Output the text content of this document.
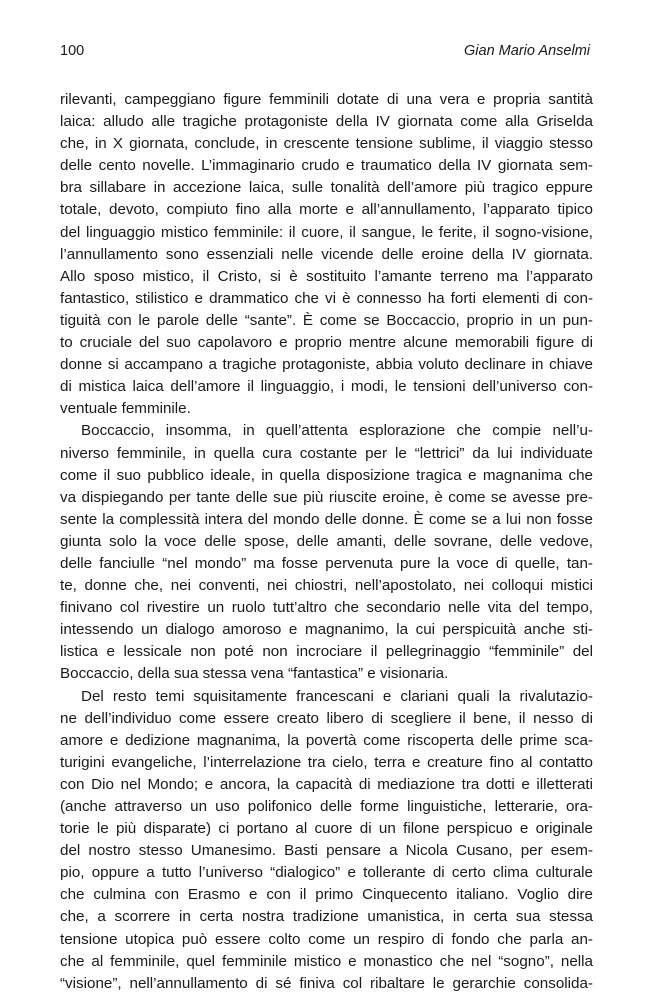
100	Gian Mario Anselmi
rilevanti, campeggiano figure femminili dotate di una vera e propria santità
laica: alludo alle tragiche protagoniste della IV giornata come alla Griselda
che, in X giornata, conclude, in crescente tensione sublime, il viaggio stesso
delle cento novelle. L’immaginario crudo e traumatico della IV giornata sem-
bra sillabare in accezione laica, sulle tonalità dell’amore più tragico eppure
totale, devoto, compiuto fino alla morte e all’annullamento, l’apparato tipico
del linguaggio mistico femminile: il cuore, il sangue, le ferite, il sogno-visione,
l’annullamento sono essenziali nelle vicende delle eroine della IV giornata.
Allo sposo mistico, il Cristo, si è sostituito l’amante terreno ma l’apparato
fantastico, stilistico e drammatico che vi è connesso ha forti elementi di con-
tiguità con le parole delle “sante”. È come se Boccaccio, proprio in un pun-
to cruciale del suo capolavoro e proprio mentre alcune memorabili figure di
donne si accampano a tragiche protagoniste, abbia voluto declinare in chiave
di mistica laica dell’amore il linguaggio, i modi, le tensioni dell’universo con-
ventuale femminile.
Boccaccio, insomma, in quell’attenta esplorazione che compie nell’u-
niverso femminile, in quella cura costante per le “lettrici” da lui individuate
come il suo pubblico ideale, in quella disposizione tragica e magnanima che
va dispiegando per tante delle sue più riuscite eroine, è come se avesse pre-
sente la complessità intera del mondo delle donne. È come se a lui non fosse
giunta solo la voce delle spose, delle amanti, delle sovrane, delle vedove,
delle fanciulle “nel mondo” ma fosse pervenuta pure la voce di quelle, tan-
te, donne che, nei conventi, nei chiostri, nell’apostolato, nei colloqui mistici
finivano col rivestire un ruolo tutt’altro che secondario nelle vita del tempo,
intessendo un dialogo amoroso e magnanimo, la cui perspicuità anche sti-
listica e lessicale non poté non incrociare il pellegrinaggio “femminile” del
Boccaccio, della sua stessa vena “fantastica” e visionaria.
Del resto temi squisitamente francescani e clariani quali la rivalutazio-
ne dell’individuo come essere creato libero di scegliere il bene, il nesso di
amore e dedizione magnanima, la povertà come riscoperta delle prime sca-
turigini evangeliche, l’interrelazione tra cielo, terra e creature fino al contatto
con Dio nel Mondo; e ancora, la capacità di mediazione tra dotti e illetterati
(anche attraverso un uso polifonico delle forme linguistiche, letterarie, ora-
torie le più disparate) ci portano al cuore di un filone perspicuo e originale
del nostro stesso Umanesimo. Basti pensare a Nicola Cusano, per esem-
pio, oppure a tutto l’universo “dialogico” e tollerante di certo clima culturale
che culmina con Erasmo e con il primo Cinquecento italiano. Voglio dire
che, a scorrere in certa nostra tradizione umanistica, in certa sua stessa
tensione utopica può essere colto come un respiro di fondo che parla an-
che al femminile, quel femminile mistico e monastico che nel “sogno”, nella
“visione”, nell’annullamento di sé finiva col ribaltare le gerarchie consolida-
